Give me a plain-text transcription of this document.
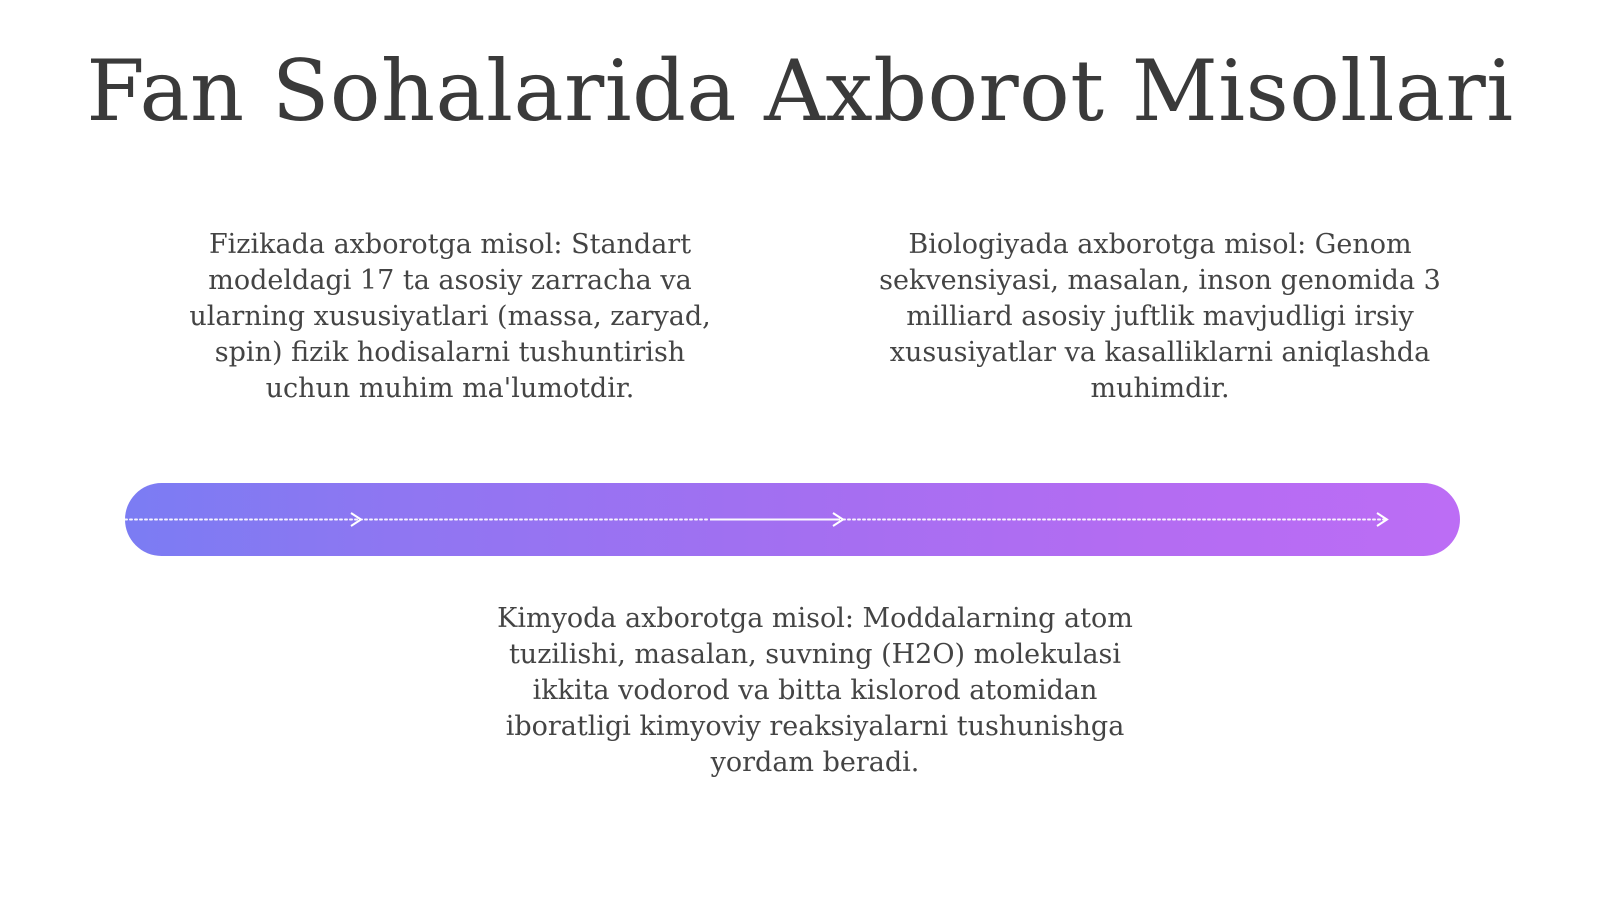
Fan Sohalarida Axborot Misollari
Fizikada axborotga misol: Standart modeldagi 17 ta asosiy zarracha va ularning xususiyatlari (massa, zaryad, spin) fizik hodisalarni tushuntirish uchun muhim ma'lumotdir.
Biologiyada axborotga misol: Genom sekvensiyasi, masalan, inson genomida 3 milliard asosiy juftlik mavjudligi irsiy xususiyatlar va kasalliklarni aniqlashda muhimdir.
Kimyoda axborotga misol: Moddalarning atom tuzilishi, masalan, suvning (H2O) molekulasi ikkita vodorod va bitta kislorod atomidan iboratligi kimyoviy reaksiyalarni tushunishga yordam beradi.
